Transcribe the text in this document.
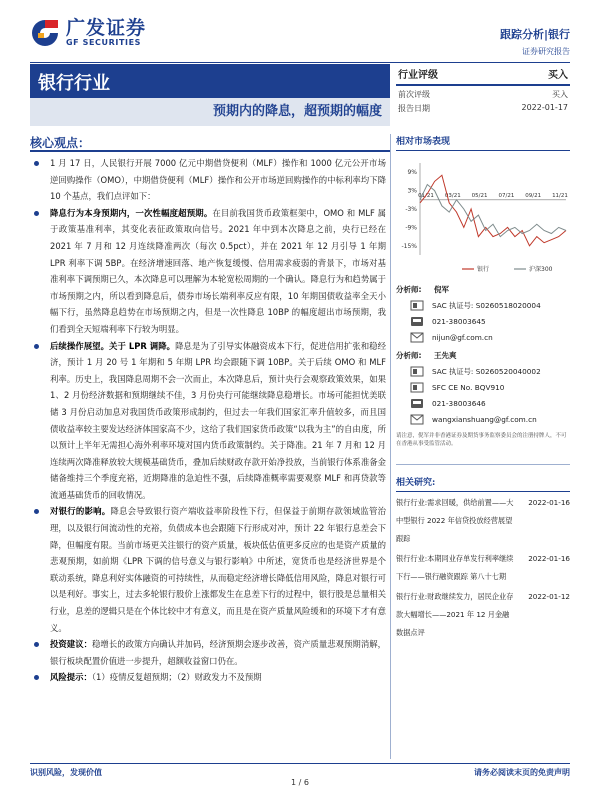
广发证券
GF SECURITIES
跟踪分析|银行
证券研究报告
银行行业
预期内的降息，超预期的幅度
行业评级	买入
前次评级	买入
报告日期	2022-01-17
核心观点：
1 月 17 日，人民银行开展 7000 亿元中期借贷便利（MLF）操作和 1000 亿元公开市场逆回购操作（OMO），中期借贷便利（MLF）操作和公开市场逆回购操作的中标利率均下降 10 个基点，我们点评如下：
降息行为本身预期内，一次性幅度超预期。在目前我国货币政策框架中，OMO 和 MLF 属于政策基准利率，其变化表征政策取向信号。2021 年中到本次降息之前，央行已经在 2021 年 7 月和 12 月连续降准两次（每次 0.5pct），并在 2021 年 12 月引导 1 年期 LPR 利率下调 5BP。在经济增速回落、地产恢复缓慢、信用需求疲弱的背景下，市场对基准利率下调预期已久，本次降息可以理解为本轮宽松周期的一个确认。降息行为和趋势属于市场预期之内，所以看到降息后，债券市场长端利率反应有限，10 年期国债收益率全天小幅下行，虽然降息趋势在市场预期之内，但是一次性降息 10BP 的幅度超出市场预期，我们看到全天短端利率下行较为明显。
后续操作展望。关于 LPR 调降。降息是为了引导实体融资成本下行，促进信用扩张和稳经济，预计 1 月 20 号 1 年期和 5 年期 LPR 均会跟随下调 10BP。关于后续 OMO 和 MLF 利率。历史上，我国降息周期不会一次而止，本次降息后，预计央行会观察政策效果，如果 1、2 月份经济数据和预期继续不佳，3 月份央行可能继续降息稳增长。市场可能担忧美联储 3 月份启动加息对我国货币政策形成制约，但过去一年我们国家汇率升值较多，而且国债收益率较主要发达经济体国家高不少，这给了我们国家货币政策“以我为主”的自由度，所以预计上半年无需担心海外利率环境对国内货币政策制约。关于降准。21 年 7 月和 12 月连续两次降准释放较大规模基础货币，叠加后续财政存款开始净投放，当前银行体系准备金储备维持三个季度充裕，近期降准的急迫性不强，后续降准概率需要观察 MLF 和再贷款等流通基础货币的回收情况。
对银行的影响。降息会导致银行资产端收益率阶段性下行，但保益于前期存款领域监管治理，以及银行间流动性的充裕，负债成本也会跟随下行形成对冲，预计 22 年银行息差会下降，但幅度有限。当前市场更关注银行的资产质量，板块低估值更多反应的也是资产质量的悲观预期，如前期《LPR 下调的信号意义与银行影响》中所述，宽货币也是经济世界是个联动系统，降息利好实体融资的可持续性，从而稳定经济增长降低信用风险，降息对银行可以是利好。事实上，过去多轮银行股价上涨都发生在息差下行的过程中，银行股是总量相关行业，息差的逻辑只是在个体比较中才有意义，而且是在资产质量风险缓和的环境下才有意义。
投资建议：稳增长的政策方向确认并加码，经济预期会逐步改善，资产质量悲观预期消解，银行板块配置价值进一步提升，超额收益窗口仍在。
风险提示：（1）疫情反复超预期；（2）财政发力不及预期
相对市场表现
9%
3%
-3%
-9%
-15%
01/21 03/21 05/21 07/21 09/21 11/21
银行	沪深300
分析师:	倪军
SAC 执证号:
S0260518020004
021-38003645
nijun@gf.com.cn
分析师:	王先爽
SAC 执证号:
S0260520040002
SFC CE No. BQV910
021-38003646
wangxianshuang@gf.com.cn
请注意，倪军并非香港证券及期货事务监察委员会的注册持牌人，不可在香港从事受监管活动。
相关研究:
银行行业:需求回暖，供给前置——大中型银行 2022 年信贷投放经营展望跟踪
2022-01-16
银行行业:本期同业存单发行利率继续下行——银行融资跟踪 第八十七期
2022-01-16
银行行业:财政继续发力，居民企业存款大幅增长——2021 年 12 月金融数据点评
2022-01-12
识别风险，发现价值	请务必阅读末页的免责声明
1 / 6
